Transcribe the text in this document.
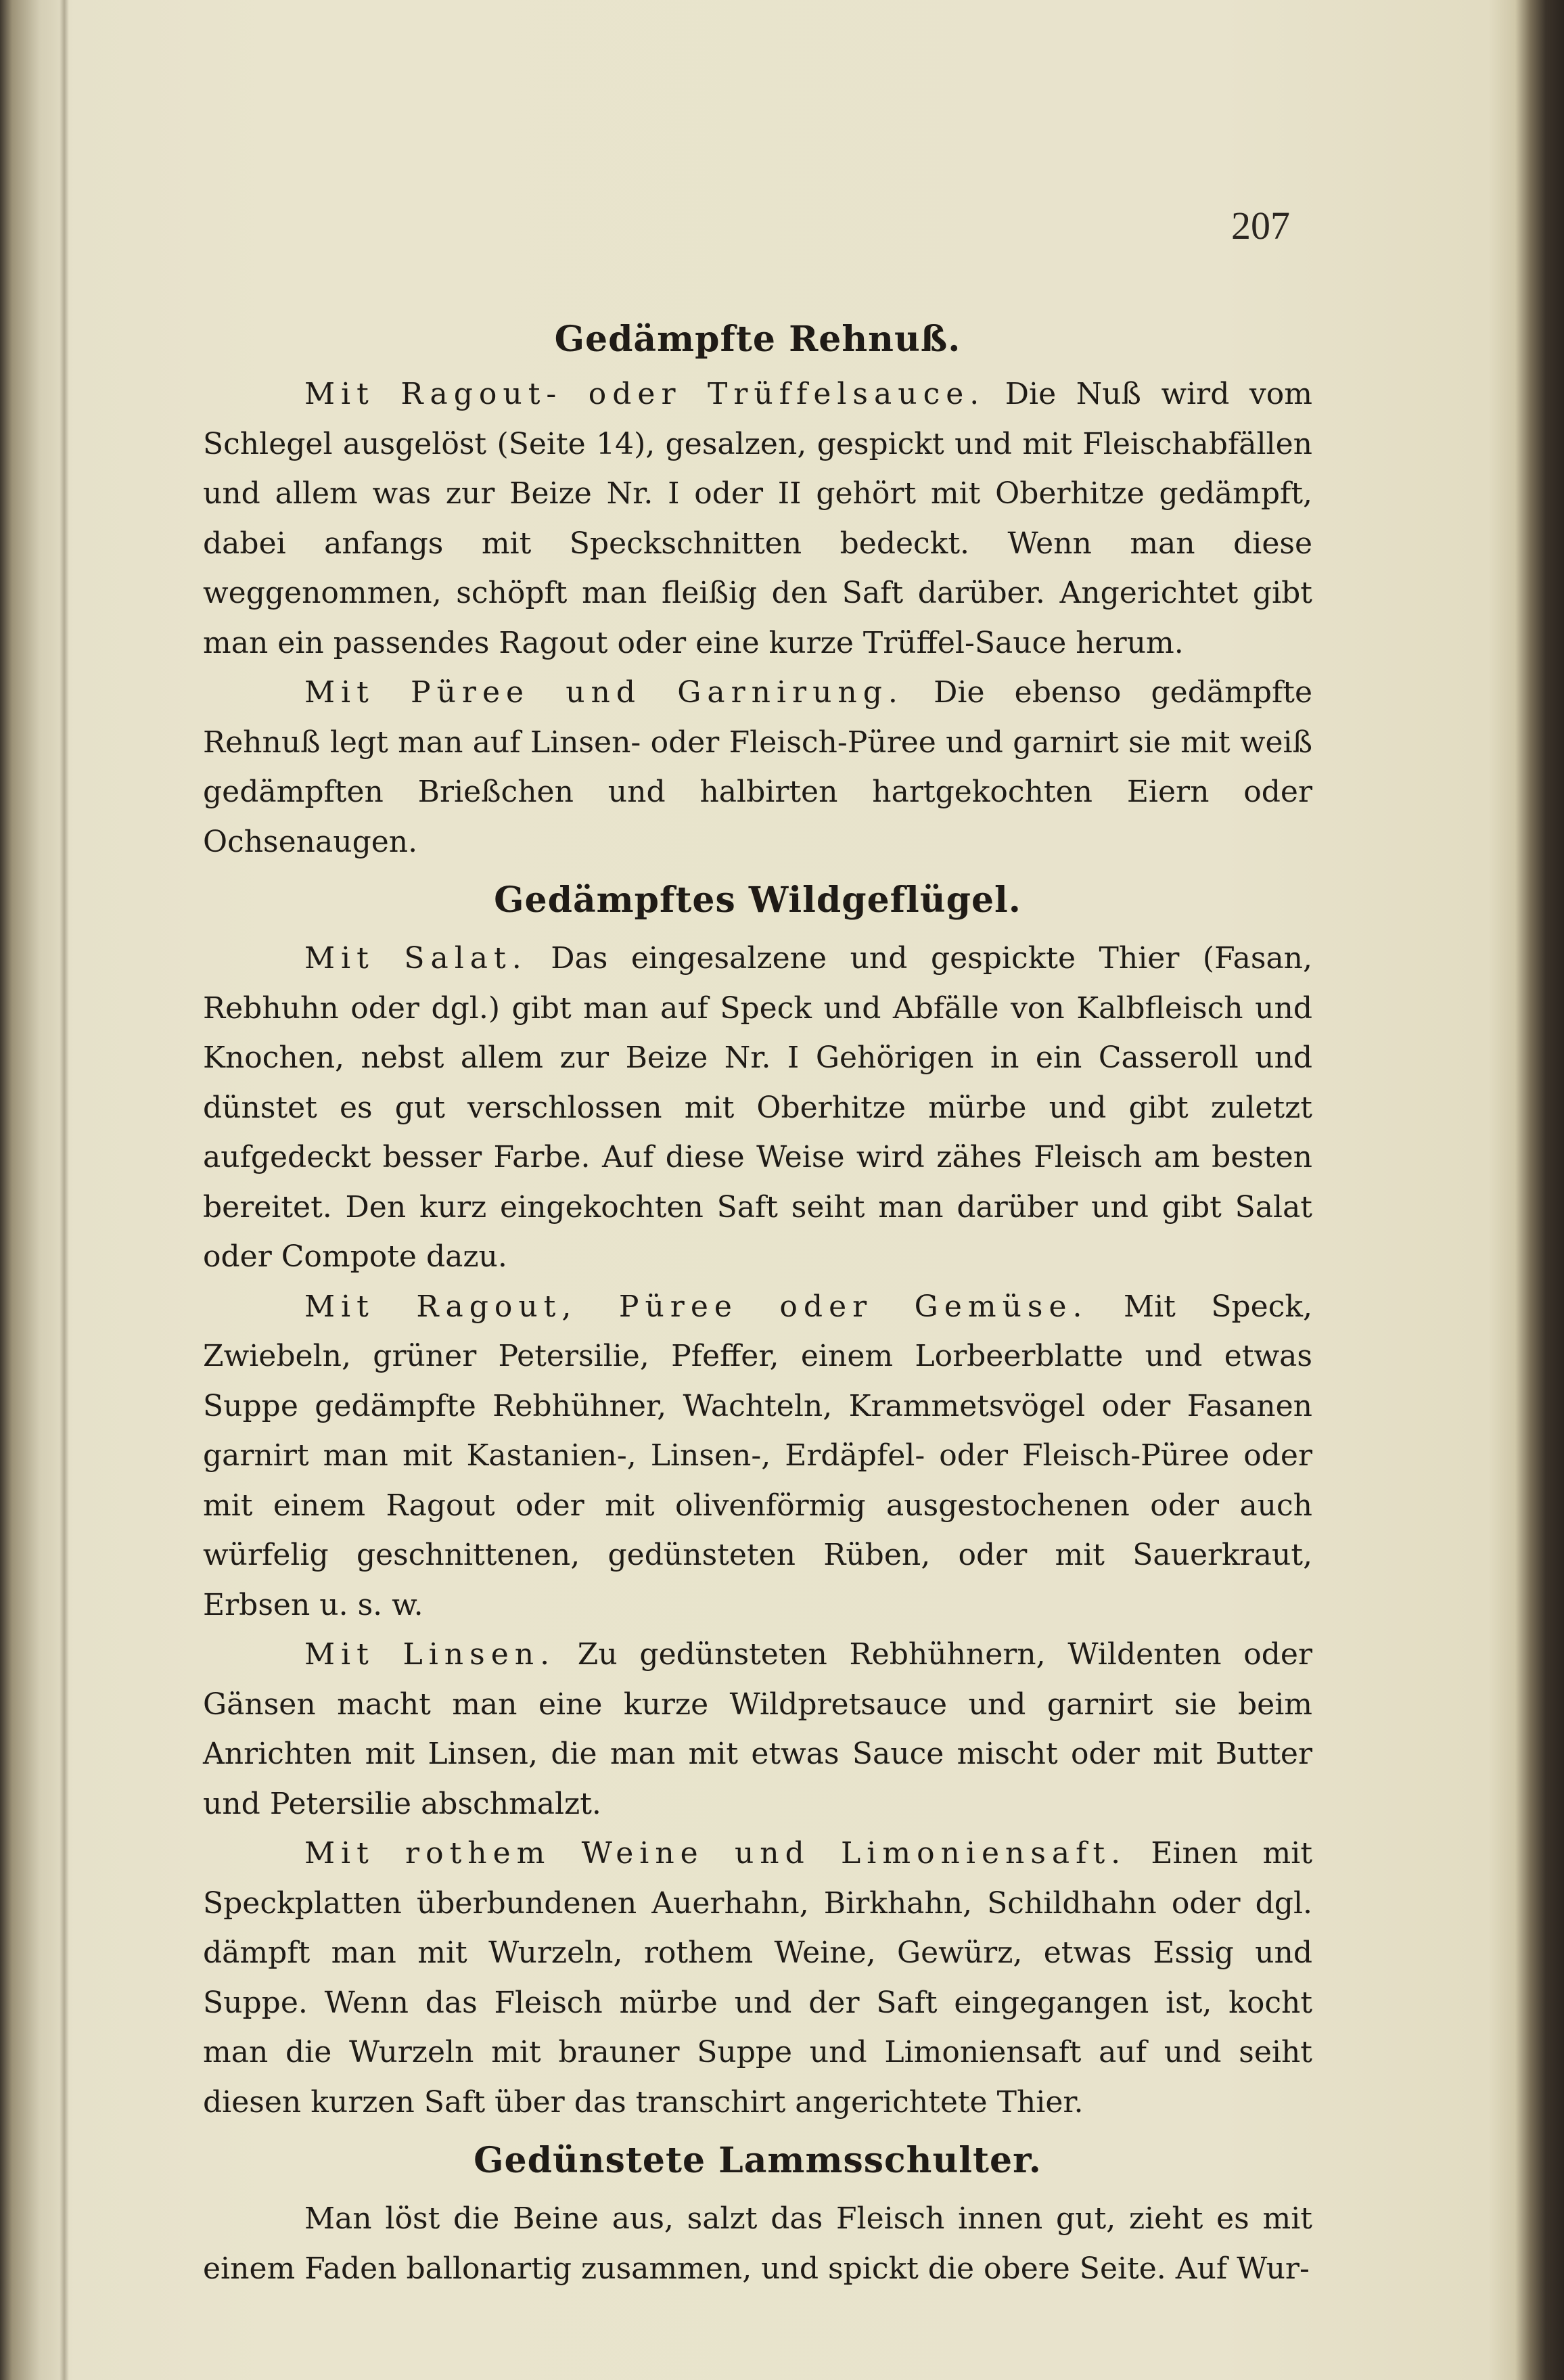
207
Gedämpfte Rehnuß.

Mit Ragout- oder Trüffelsauce. Die Nuß wird vom Schlegel ausgelöst (Seite 14), gesalzen, gespickt und mit Fleischabfällen und allem was zur Beize Nr. I oder II gehört mit Oberhitze gedämpft, dabei anfangs mit Speckschnitten bedeckt. Wenn man diese weggenommen, schöpft man fleißig den Saft darüber. Angerichtet gibt man ein passendes Ragout oder eine kurze Trüffel-Sauce herum.

Mit Püree und Garnirung. Die ebenso gedämpfte Rehnuß legt man auf Linsen- oder Fleisch-Püree und garnirt sie mit weiß gedämpften Brießchen und halbirten hartgekochten Eiern oder Ochsenaugen.

Gedämpftes Wildgeflügel.

Mit Salat. Das eingesalzene und gespickte Thier (Fasan, Rebhuhn oder dgl.) gibt man auf Speck und Abfälle von Kalbfleisch und Knochen, nebst allem zur Beize Nr. I Gehörigen in ein Casseroll und dünstet es gut verschlossen mit Oberhitze mürbe und gibt zuletzt aufgedeckt besser Farbe. Auf diese Weise wird zähes Fleisch am besten bereitet. Den kurz eingekochten Saft seiht man darüber und gibt Salat oder Compote dazu.

Mit Ragout, Püree oder Gemüse. Mit Speck, Zwiebeln, grüner Petersilie, Pfeffer, einem Lorbeerblatte und etwas Suppe gedämpfte Rebhühner, Wachteln, Krammetsvögel oder Fasanen garnirt man mit Kastanien-, Linsen-, Erdäpfel- oder Fleisch-Püree oder mit einem Ragout oder mit olivenförmig ausgestochenen oder auch würfelig geschnittenen, gedünsteten Rüben, oder mit Sauerkraut, Erbsen u. s. w.

Mit Linsen. Zu gedünsteten Rebhühnern, Wildenten oder Gänsen macht man eine kurze Wildpretsauce und garnirt sie beim Anrichten mit Linsen, die man mit etwas Sauce mischt oder mit Butter und Petersilie abschmalzt.

Mit rothem Weine und Limoniensaft. Einen mit Speckplatten überbundenen Auerhahn, Birkhahn, Schildhahn oder dgl. dämpft man mit Wurzeln, rothem Weine, Gewürz, etwas Essig und Suppe. Wenn das Fleisch mürbe und der Saft eingegangen ist, kocht man die Wurzeln mit brauner Suppe und Limoniensaft auf und seiht diesen kurzen Saft über das transchirt angerichtete Thier.

Gedünstete Lammsschulter.

Man löst die Beine aus, salzt das Fleisch innen gut, zieht es mit einem Faden ballonartig zusammen, und spickt die obere Seite. Auf Wur-
